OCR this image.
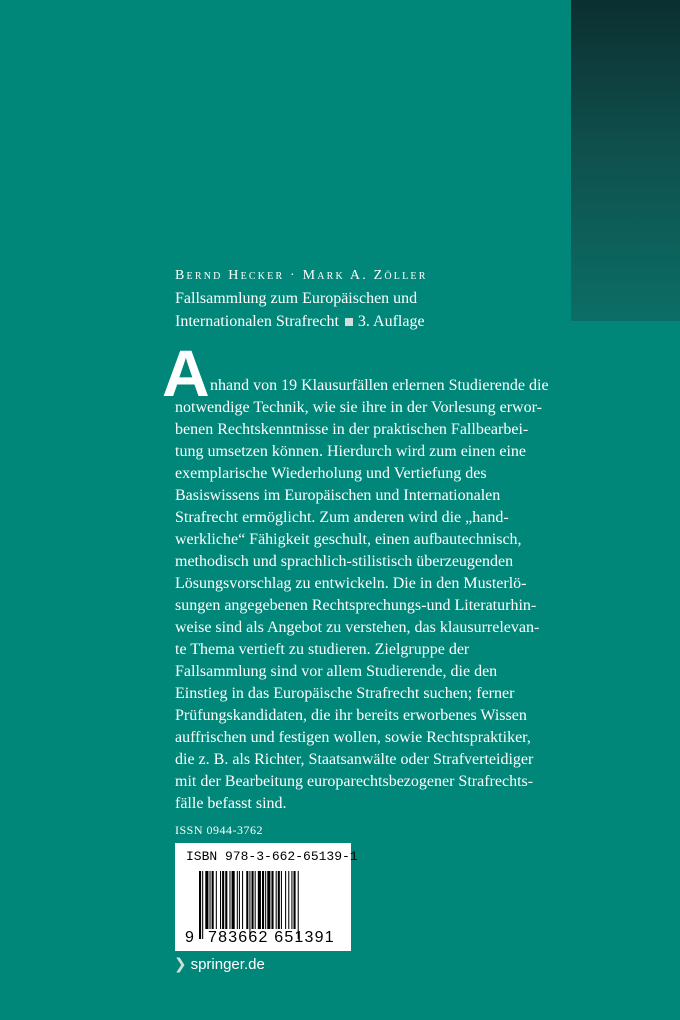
Bernd Hecker · Mark A. Zöller
Fallsammlung zum Europäischen und
Internationalen Strafrecht 3. Auflage
A nhand von 19 Klausurfällen erlernen Studierende die
notwendige Technik, wie sie ihre in der Vorlesung erwor-
benen Rechtskenntnisse in der praktischen Fallbearbei-
tung umsetzen können. Hierdurch wird zum einen eine
exemplarische Wiederholung und Vertiefung des
Basiswissens im Europäischen und Internationalen
Strafrecht ermöglicht. Zum anderen wird die „hand-
werkliche“ Fähigkeit geschult, einen aufbautechnisch,
methodisch und sprachlich-stilistisch überzeugenden
Lösungsvorschlag zu entwickeln. Die in den Musterlö-
sungen angegebenen Rechtsprechungs-und Literaturhin-
weise sind als Angebot zu verstehen, das klausurrelevan-
te Thema vertieft zu studieren. Zielgruppe der
Fallsammlung sind vor allem Studierende, die den
Einstieg in das Europäische Strafrecht suchen; ferner
Prüfungskandidaten, die ihr bereits erworbenes Wissen
auffrischen und festigen wollen, sowie Rechtspraktiker,
die z. B. als Richter, Staatsanwälte oder Strafverteidiger
mit der Bearbeitung europarechtsbezogener Strafrechts-
fälle befasst sind.
ISSN 0944-3762
ISBN 978-3-662-65139-1
9 783662 651391
❯ springer.de
